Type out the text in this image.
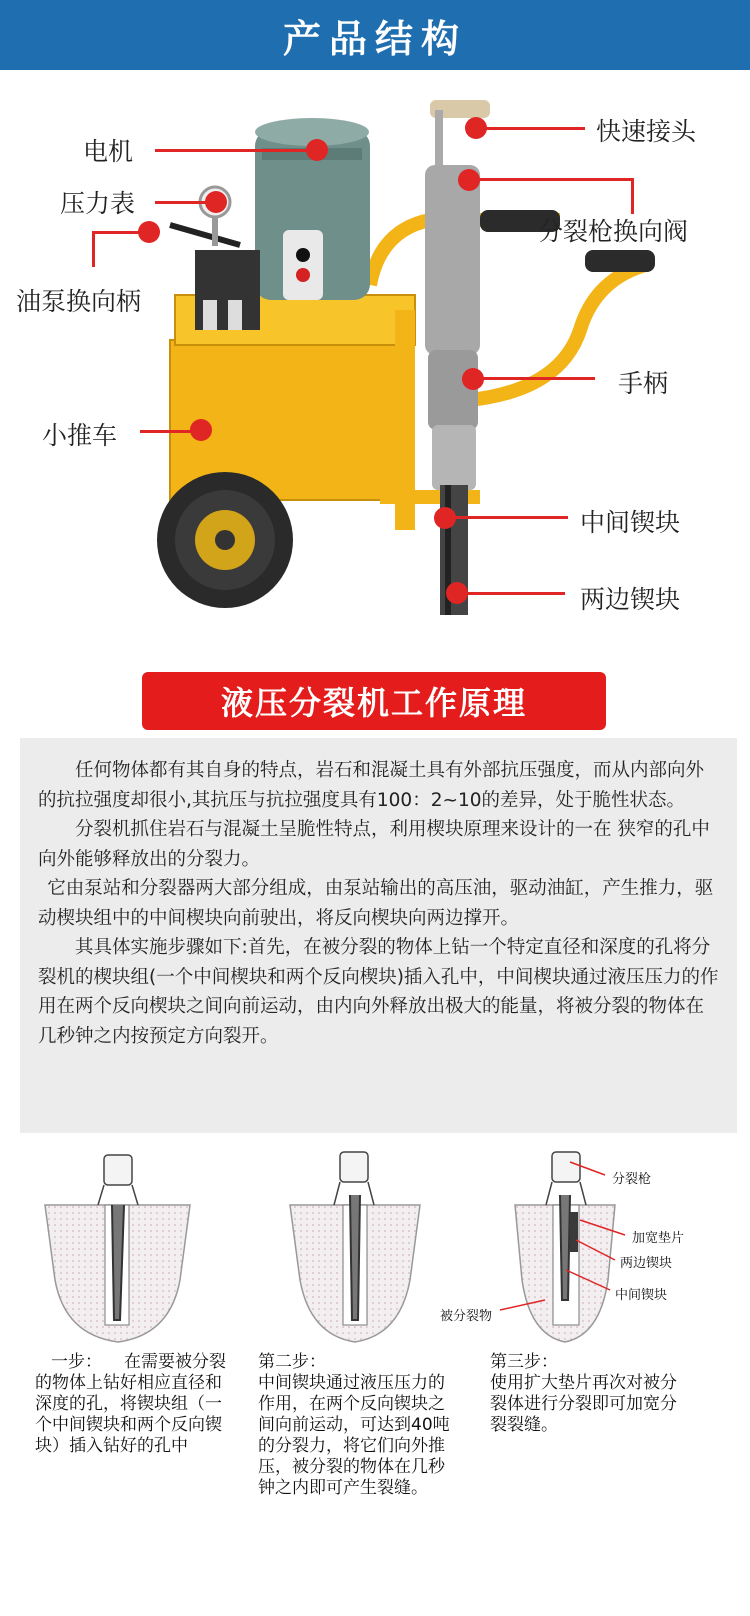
产品结构
电机
压力表
油泵换向柄
小推车
快速接头
分裂枪换向阀
手柄
中间锲块
两边锲块
液压分裂机工作原理

任何物体都有其自身的特点，岩石和混凝土具有外部抗压强度，而从内部向外的抗拉强度却很小,其抗压与抗拉强度具有100：2~10的差异，处于脆性状态。

分裂机抓住岩石与混凝土呈脆性特点，利用楔块原理来设计的一在 狭窄的孔中向外能够释放出的分裂力。

它由泵站和分裂器两大部分组成，由泵站输出的高压油，驱动油缸，产生推力，驱动楔块组中的中间楔块向前驶出，将反向楔块向两边撑开。

其具体实施步骤如下:首先，在被分裂的物体上钻一个特定直径和深度的孔将分裂机的楔块组(一个中间楔块和两个反向楔块)插入孔中，中间楔块通过液压压力的作用在两个反向楔块之间向前运动，由内向外释放出极大的能量，将被分裂的物体在几秒钟之内按预定方向裂开。

分裂枪
加宽垫片
两边锲块
中间锲块
被分裂物
一步： 在需要被分裂的物体上钻好相应直径和深度的孔，将锲块组（一个中间锲块和两个反向锲块）插入钻好的孔中
第二步：
中间锲块通过液压压力的作用，在两个反向锲块之间向前运动，可达到40吨的分裂力，将它们向外推压，被分裂的物体在几秒钟之内即可产生裂缝。
第三步：
使用扩大垫片再次对被分裂体进行分裂即可加宽分裂裂缝。
